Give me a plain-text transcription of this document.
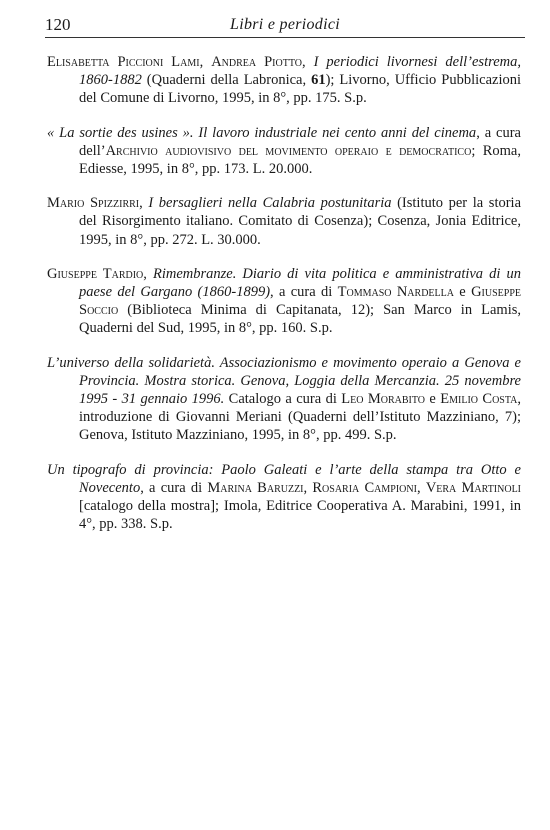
120	Libri e periodici

Elisabetta Piccioni Lami, Andrea Piotto, I periodici livornesi dell’estrema, 1860-1882 (Quaderni della Labronica, 61); Livorno, Ufficio Pubblicazioni del Comune di Livorno, 1995, in 8°, pp. 175. S.p.

« La sortie des usines ». Il lavoro industriale nei cento anni del cinema, a cura dell’Archivio audiovisivo del movimento operaio e democratico; Roma, Ediesse, 1995, in 8°, pp. 173. L. 20.000.

Mario Spizzirri, I bersaglieri nella Calabria postunitaria (Istituto per la storia del Risorgimento italiano. Comitato di Cosenza); Cosenza, Jonia Editrice, 1995, in 8°, pp. 272. L. 30.000.

Giuseppe Tardio, Rimembranze. Diario di vita politica e amministrativa di un paese del Gargano (1860-1899), a cura di Tommaso Nardella e Giuseppe Soccio (Biblioteca Minima di Capitanata, 12); San Marco in Lamis, Quaderni del Sud, 1995, in 8°, pp. 160. S.p.

L’universo della solidarietà. Associazionismo e movimento operaio a Genova e Provincia. Mostra storica. Genova, Loggia della Mercanzia. 25 novembre 1995 - 31 gennaio 1996. Catalogo a cura di Leo Morabito e Emilio Costa, introduzione di Giovanni Meriani (Quaderni dell’Istituto Mazziniano, 7); Genova, Istituto Mazziniano, 1995, in 8°, pp. 499. S.p.

Un tipografo di provincia: Paolo Galeati e l’arte della stampa tra Otto e Novecento, a cura di Marina Baruzzi, Rosaria Campioni, Vera Martinoli [catalogo della mostra]; Imola, Editrice Cooperativa A. Marabini, 1991, in 4°, pp. 338. S.p.
